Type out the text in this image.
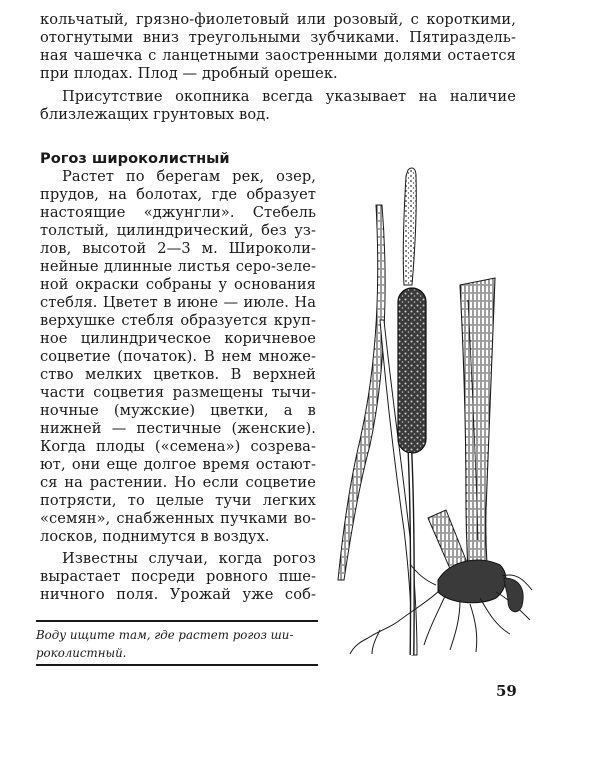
кольчатый, грязно-фиолетовый или розовый, с короткими,
отогнутыми вниз треугольными зубчиками. Пятираздель-
ная чашечка с ланцетными заостренными долями остается
при плодах. Плод — дробный орешек.
Присутствие окопника всегда указывает на наличие
близлежащих грунтовых вод.
Рогоз широколистный
Растет по берегам рек, озер,
прудов, на болотах, где образует
настоящие «джунгли». Стебель
толстый, цилиндрический, без уз-
лов, высотой 2—3 м. Широколи-
нейные длинные листья серо-зеле-
ной окраски собраны у основания
стебля. Цветет в июне — июле. На
верхушке стебля образуется круп-
ное цилиндрическое коричневое
соцветие (початок). В нем множе-
ство мелких цветков. В верхней
части соцветия размещены тычи-
ночные (мужские) цветки, а в
нижней — пестичные (женские).
Когда плоды («семена») созрева-
ют, они еще долгое время остают-
ся на растении. Но если соцветие
потрясти, то целые тучи легких
«семян», снабженных пучками во-
лосков, поднимутся в воздух.
Известны случаи, когда рогоз
вырастает посреди ровного пше-
ничного поля. Урожай уже соб-
Воду ищите там, где растет рогоз ши-
роколистный.
59
